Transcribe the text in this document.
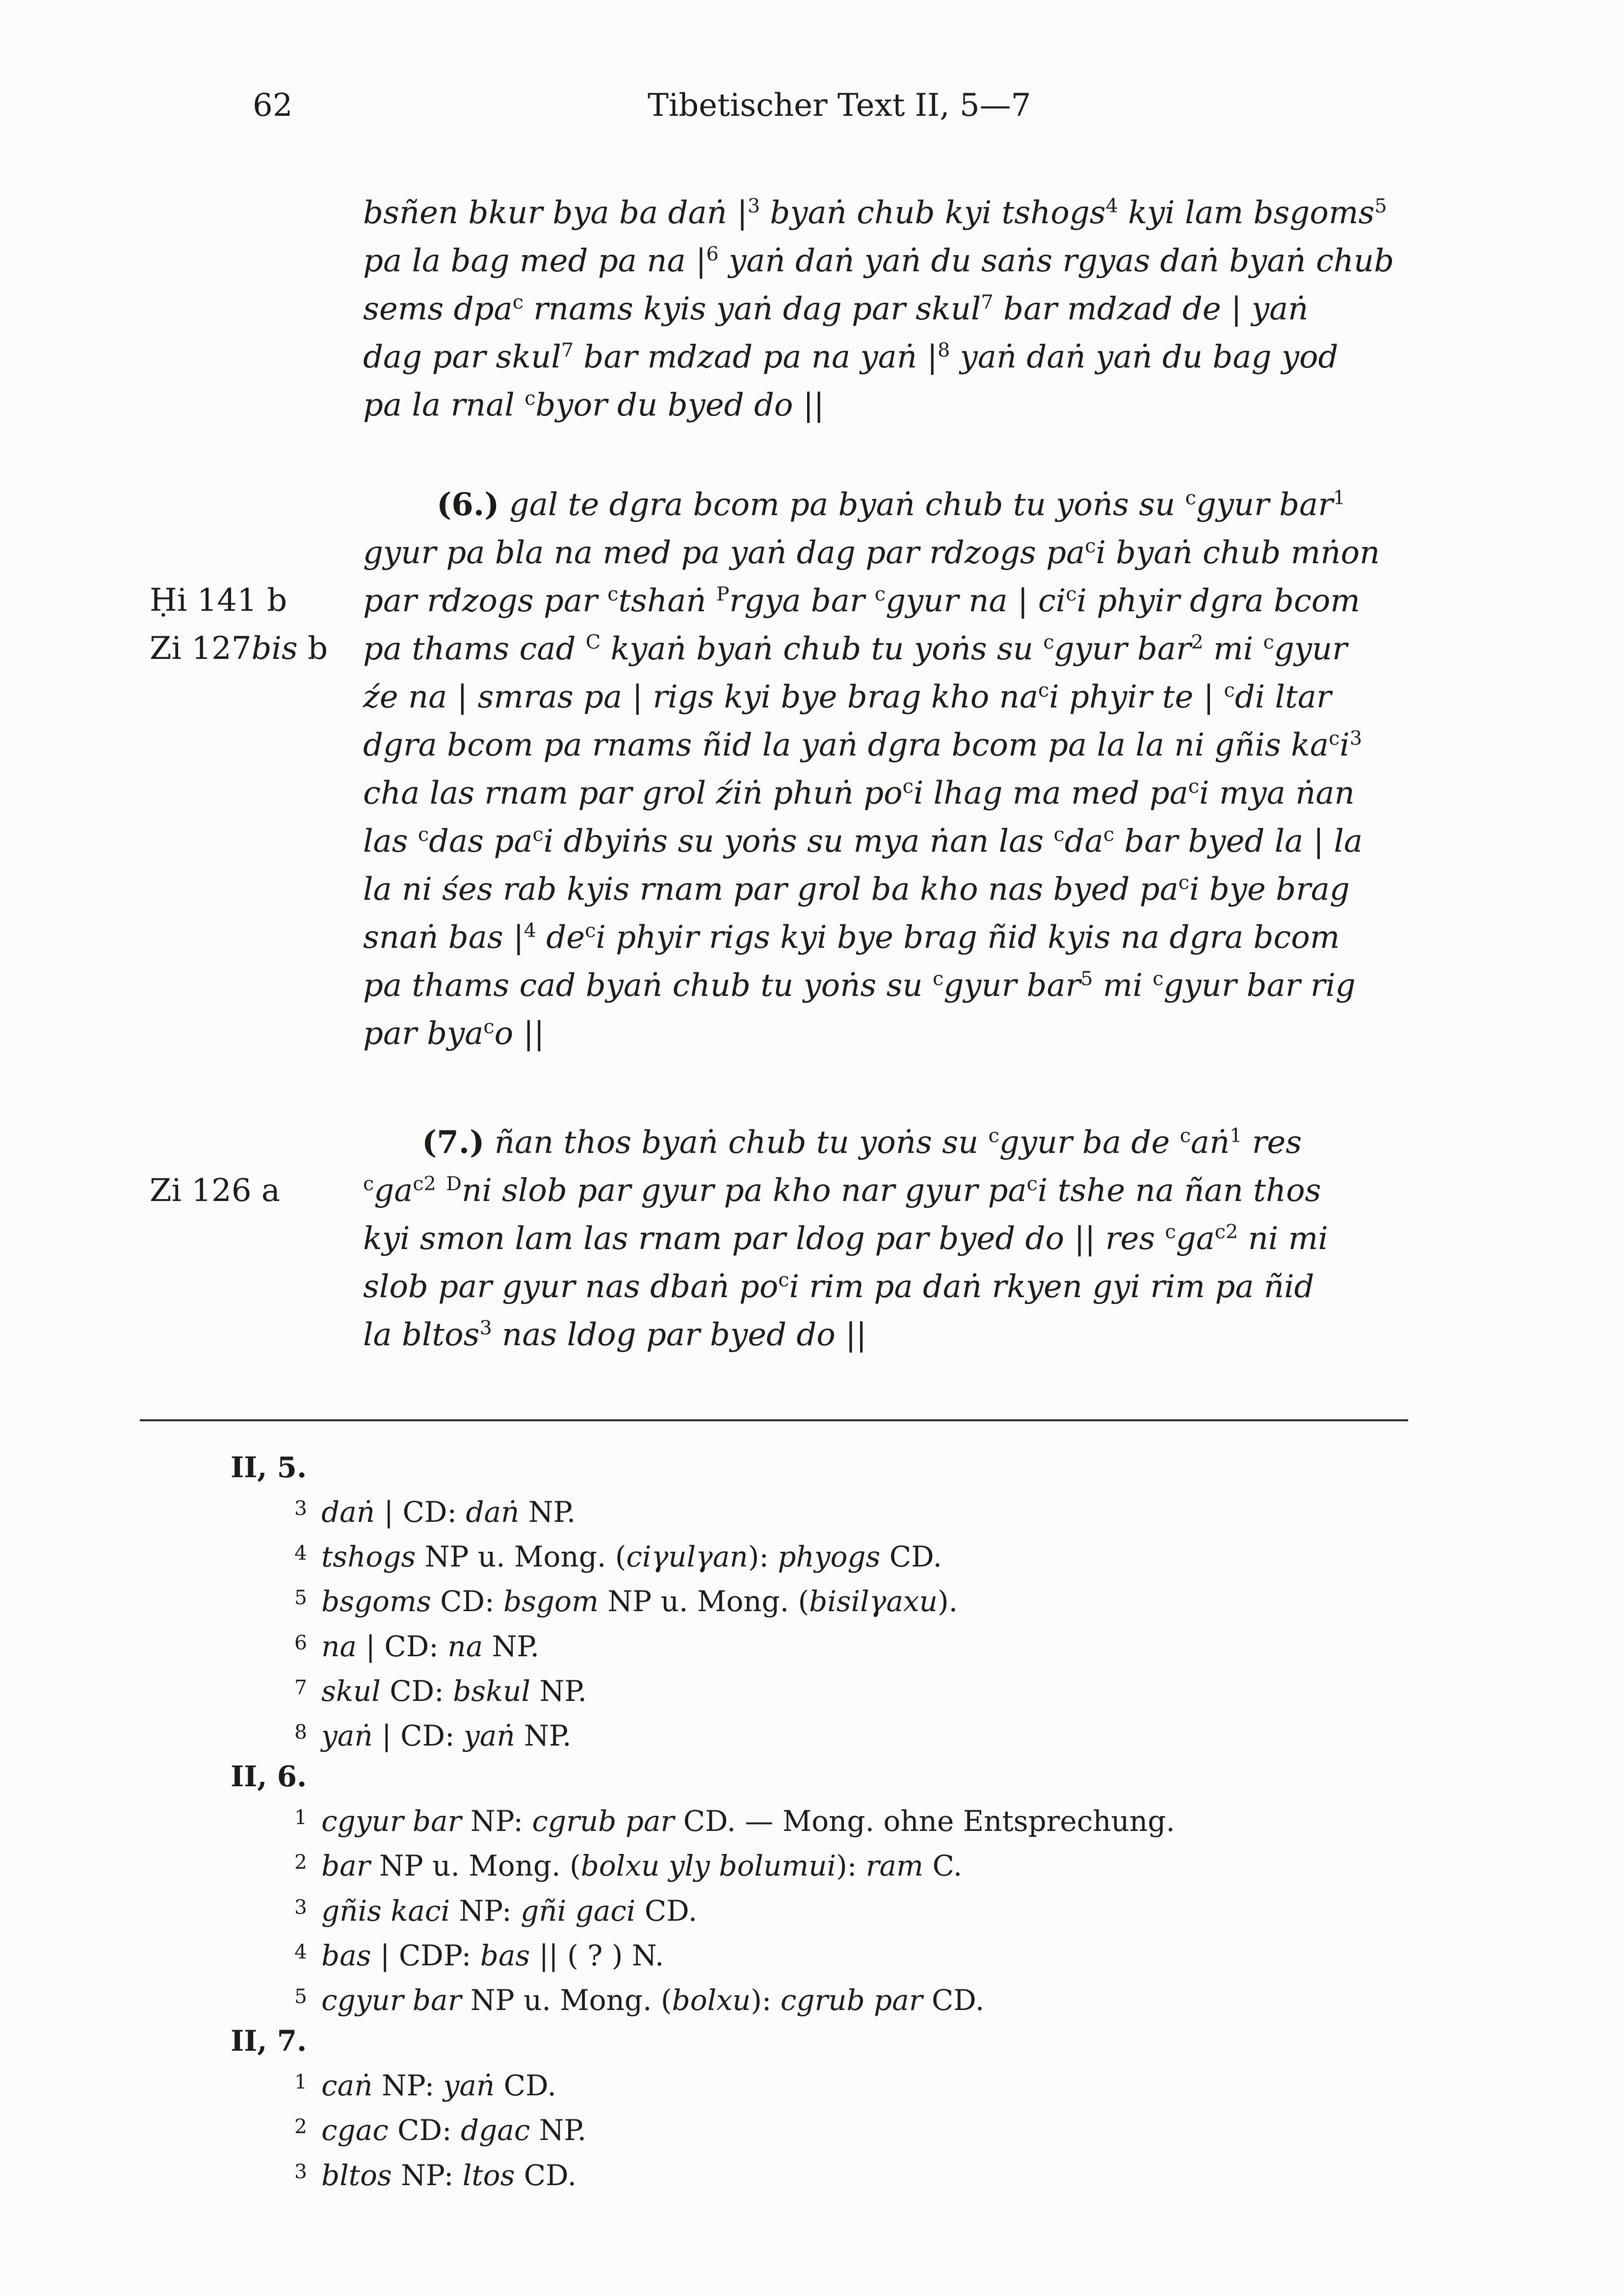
62	Tibetischer Text II, 5—7
bsñen bkur bya ba daṅ $|^3$ byaṅ chub kyi tshogs$^4$ kyi lam bsgoms$^5$
pa la bag med pa na $|^6$ yaṅ daṅ yaṅ du saṅs rgyas daṅ byaṅ chub
sems dpa$^c$ rnams kyis yaṅ dag par skul$^7$ bar mdzad de | yaṅ
dag par skul$^7$ bar mdzad pa na yaṅ $|^8$ yaṅ daṅ yaṅ du bag yod
pa la rnal $^c$byor du byed do ||
Ḥi 141 b
Zi 127bis b
Zi 126 a
(6.) gal te dgra bcom pa byaṅ chub tu yoṅs su $^c$gyur bar$^1$
gyur pa bla na med pa yaṅ dag par rdzogs $pa^ci$ byaṅ chub mṅon
par rdzogs par $^c$tshaṅ $^P$rgya bar $^c$gyur na | $ci^ci$ phyir dgra bcom
pa thams cad $^C$ kyaṅ byaṅ chub tu yoṅs su $^c$gyur bar$^2$ mi $^c$gyur
źe na | smras pa | rigs kyi bye brag kho $na^ci$ phyir te | $^c$di ltar
dgra bcom pa rnams ñid la yaṅ dgra bcom pa la la ni gñis $ka^ci^3$
cha las rnam par grol źiṅ phuṅ $po^ci$ lhag ma med $pa^ci$ mya ṅan
las $^c$das $pa^ci$ dbyiṅs su yoṅs su mya ṅan las $^cda^c$ bar byed la | la
la ni śes rab kyis rnam par grol ba kho nas byed $pa^ci$ bye brag
snaṅ bas $|^4$ $de^ci$ phyir rigs kyi bye brag ñid kyis na dgra bcom
pa thams cad byaṅ chub tu yoṅs su $^c$gyur bar$^5$ mi $^c$gyur bar rig
par bya$^c$o ||
(7.) ñan thos byaṅ chub tu yoṅs su $^c$gyur ba de $^c$aṅ$^1$ res
$^cga^{c2}$ $^D$ni slob par gyur pa kho nar gyur $pa^ci$ tshe na ñan thos
kyi smon lam las rnam par ldog par byed do || res $^cga^{c2}$ ni mi
slob par gyur nas dbaṅ $po^ci$ rim pa daṅ rkyen gyi rim pa ñid
la bltos$^3$ nas ldog par byed do ||
II, 5.
3 daṅ | CD: daṅ NP.
4 tshogs NP u. Mong. (ciγulγan): phyogs CD.
5 bsgoms CD: bsgom NP u. Mong. (bisilγaxu).
6 na | CD: na NP.
7 skul CD: bskul NP.
8 yaṅ | CD: yaṅ NP.
II, 6.
1 cgyur bar NP: cgrub par CD. — Mong. ohne Entsprechung.
2 bar NP u. Mong. (bolxu yly bolumui): ram C.
3 gñis kaci NP: gñi gaci CD.
4 bas | CDP: bas || ( ? ) N.
5 cgyur bar NP u. Mong. (bolxu): cgrub par CD.
II, 7.
1 caṅ NP: yaṅ CD.
2 cgac CD: dgac NP.
3 bltos NP: ltos CD.
